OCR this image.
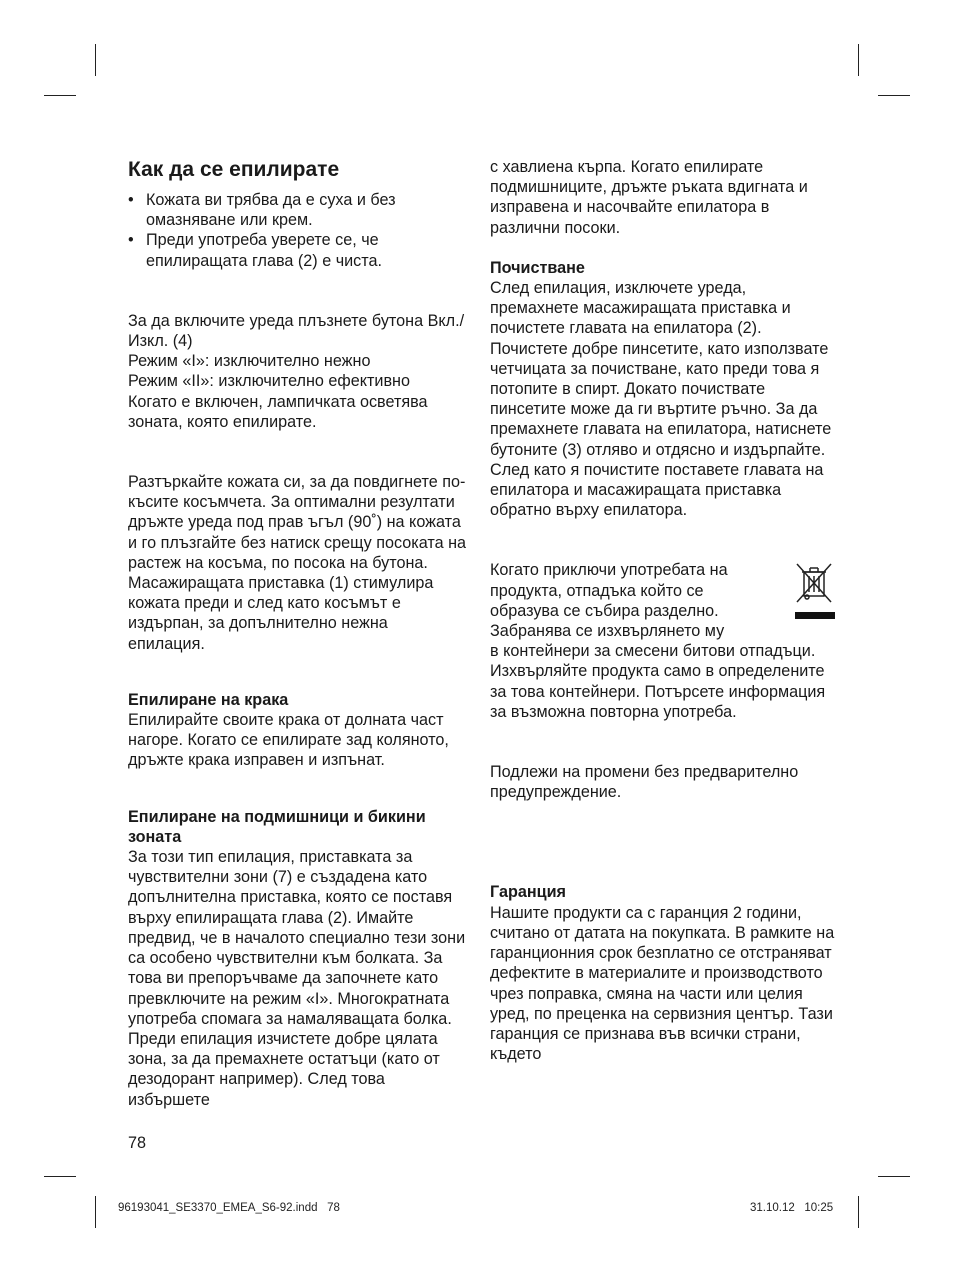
Как да се епилирате
• Кожата ви трябва да е суха и без омазняване или крем.
• Преди употреба уверете се, че епилиращата глава (2) е чиста.

За да включите уреда плъзнете бутона Вкл./Изкл. (4)
Режим «I»: изключително нежно
Режим «II»: изключително ефективно
Когато е включен, лампичката осветява зоната, която епилирате.

Разтъркайте кожата си, за да повдигнете по-късите косъмчета. За оптимални резултати дръжте уреда под прав ъгъл (90˚) на кожата и го плъзгайте без натиск срещу посоката на растеж на косъма, по посока на бутона. Масажиращата приставка (1) стимулира кожата преди и след като косъмът е издърпан, за допълнително нежна епилация.

Епилиране на крака

Епилирайте своите крака от долната част нагоре. Когато се епилирате зад коляното, дръжте крака изправен и изпънат.

Епилиране на подмишници и бикини зоната

За този тип епилация, приставката за чувствителни зони (7) е създадена като допълнителна приставка, която се поставя върху епилиращата глава (2). Имайте предвид, че в началото специално тези зони са особено чувствителни към болката. За това ви препоръчваме да започнете като превключите на режим «I». Многократната употреба спомага за намаляващата болка. Преди епилация изчистете добре цялата зона, за да премахнете остатъци (като от дезодорант например). След това избършете

с хавлиена кърпа. Когато епилирате подмишниците, дръжте ръката вдигната и изправена и насочвайте епилатора в различни посоки.

Почистване

След епилация, изключете уреда, премахнете масажиращата приставка и почистете главата на епилатора (2). Почистете добре пинсетите, като използвате четчицата за почистване, като преди това я потопите в спирт. Докато почиствате пинсетите може да ги въртите ръчно. За да премахнете главата на епилатора, натиснете бутоните (3) отляво и отдясно и издърпайте. След като я почистите поставете главата на епилатора и масажиращата приставка обратно върху епилатора.

Когато приключи употребата на
продукта, отпадъка който се
образува се събира разделно.
Забранява се изхвърлянето му
в контейнери за смесени битови отпадъци. Изхвърляйте продукта само в определените за това контейнери. Потърсете информация за възможна повторна употреба.

Подлежи на промени без предварително предупреждение.

Гаранция

Нашите продукти са с гаранция 2 години, считано от датата на покупката. В рамките на гаранционния срок безплатно се отстраняват дефектите в материалите и производството чрез поправка, смяна на части или целия уред, по преценка на сервизния център. Тази гаранция се признава във всички страни, където

78
96193041_SE3370_EMEA_S6-92.indd   78	31.10.12   10:25
